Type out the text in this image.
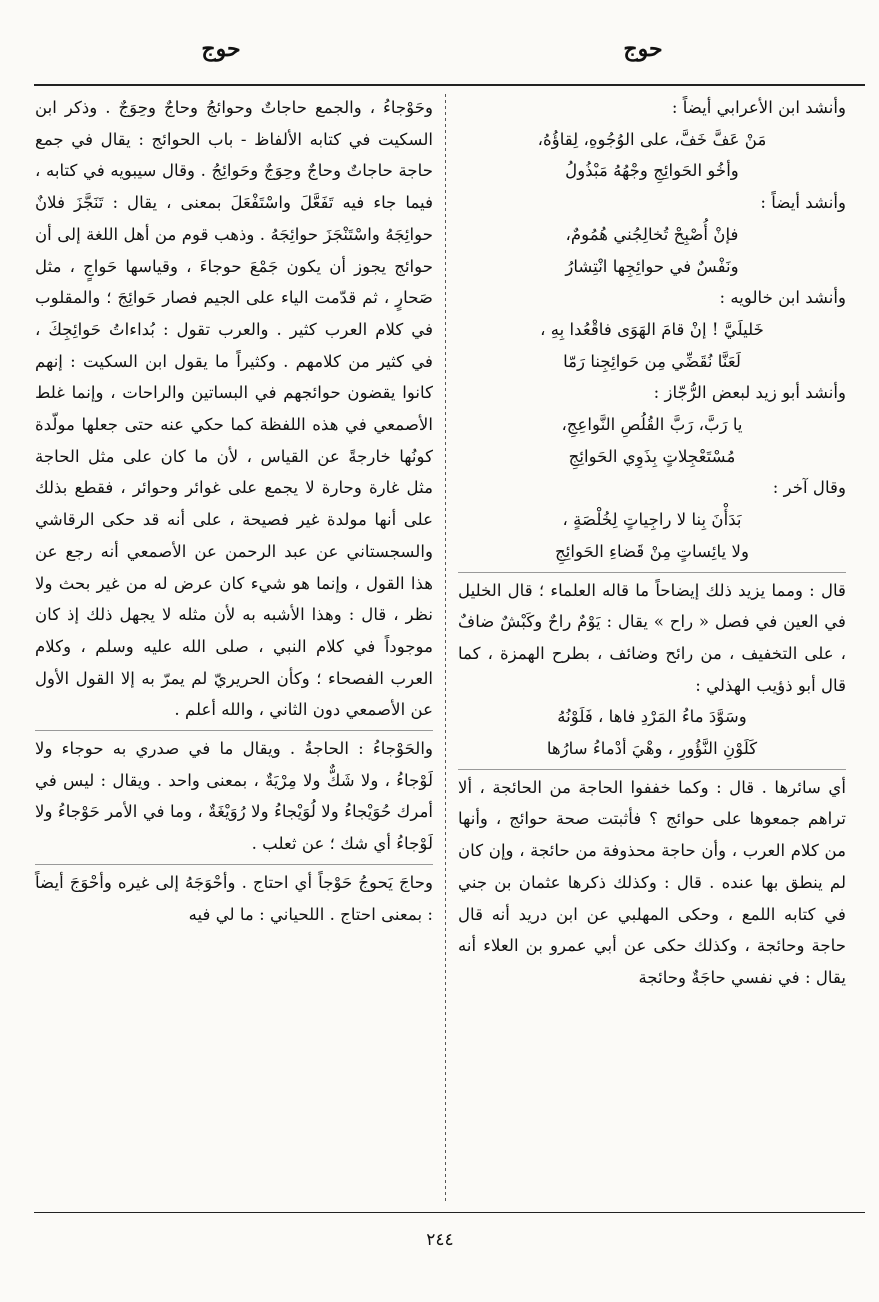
حوج
حوج

وأنشد ابن الأعرابي أيضاً :

مَنْ عَفَّ خَفَّ، على الوُجُوهِ، لِقاؤُهُ،

وأخُو الحَوائِجِ وجْهُهُ مَبْذُولُ

وأنشد أيضاً :

فإنْ أُصْبِحْ تُخالِجُني هُمُومٌ،

ونَفْسٌ في حوائِجِها انْتِشارُ

وأنشد ابن خالويه :

خَليلَيَّ ! إنْ قامَ الهَوَى فاقْعُدا بِهِ ،

لَعَنَّا نُقَضِّي مِن حَوائِجِنا رَمّا

وأنشد أبو زيد لبعض الرُّجّاز :

يا رَبَّ، رَبَّ القُلُصِ النَّواعِجِ،

مُسْتَعْجِلاتٍ بِذَوِي الحَوائِجِ

وقال آخر :

بَدَأْنَ بِنا لا راجِياتٍ لِخُلْصَةٍ ،

ولا يائِساتٍ مِنْ قَضاءِ الحَوائِجِ

قال : ومما يزيد ذلك إيضاحاً ما قاله العلماء ؛ قال الخليل في العين في فصل « راح » يقال : يَوْمٌ راحٌ وكَبْشٌ ضافٌ ، على التخفيف ، من رائح وضائف ، بطرح الهمزة ، كما قال أبو ذؤيب الهذلي :

وسَوَّدَ ماءُ المَرْدِ فاها ، فَلَوْنُهُ

كَلَوْنِ النَّؤُورِ ، وهْيَ أدْماءُ سارُها

أي سائرها . قال : وكما خففوا الحاجة من الحائجة ، ألا تراهم جمعوها على حوائج ؟ فأثبتت صحة حوائج ، وأنها من كلام العرب ، وأن حاجة محذوفة من حائجة ، وإن كان لم ينطق بها عنده . قال : وكذلك ذكرها عثمان بن جني في كتابه اللمع ، وحكى المهلبي عن ابن دريد أنه قال حاجة وحائجة ، وكذلك حكى عن أبي عمرو بن العلاء أنه يقال : في نفسي حاجَةٌ وحائجة

وحَوْجاءُ ، والجمع حاجاتٌ وحوائجُ وحاجٌ وحِوَجٌ . وذكر ابن السكيت في كتابه الألفاظ - باب الحوائج : يقال في جمع حاجة حاجاتٌ وحاجٌ وحِوَجٌ وحَوائِجُ . وقال سيبويه في كتابه ، فيما جاء فيه تَفَعَّلَ واسْتَفْعَلَ بمعنى ، يقال : تَنَجَّزَ فلانٌ حوائِجَهُ واسْتَنْجَزَ حوائِجَهُ . وذهب قوم من أهل اللغة إلى أن حوائج يجوز أن يكون جَمْعَ حوجاءَ ، وقياسها حَواجٍ ، مثل صَحارٍ ، ثم قدّمت الياء على الجيم فصار حَوائِجَ ؛ والمقلوب في كلام العرب كثير . والعرب تقول : بُداءاتُ حَوائِجِكَ ، في كثير من كلامهم . وكثيراً ما يقول ابن السكيت : إنهم كانوا يقضون حوائجهم في البساتين والراحات ، وإنما غلط الأصمعي في هذه اللفظة كما حكي عنه حتى جعلها مولّدة كونُها خارجةً عن القياس ، لأن ما كان على مثل الحاجة مثل غارة وحارة لا يجمع على غوائر وحوائر ، فقطع بذلك على أنها مولدة غير فصيحة ، على أنه قد حكى الرقاشي والسجستاني عن عبد الرحمن عن الأصمعي أنه رجع عن هذا القول ، وإنما هو شيء كان عرض له من غير بحث ولا نظر ، قال : وهذا الأشبه به لأن مثله لا يجهل ذلك إذ كان موجوداً في كلام النبي ، صلى الله عليه وسلم ، وكلام العرب الفصحاء ؛ وكأن الحريريّ لم يمرّ به إلا القول الأول عن الأصمعي دون الثاني ، والله أعلم .

والحَوْجاءُ : الحاجةُ . ويقال ما في صدري به حوجاء ولا لَوْجاءُ ، ولا شَكٌّ ولا مِرْيَةٌ ، بمعنى واحد . ويقال : ليس في أمرك حُوَيْجاءُ ولا لُوَيْجاءُ ولا رُوَيْغَةٌ ، وما في الأمر حَوْجاءُ ولا لَوْجاءُ أي شك ؛ عن ثعلب .

وحاجَ يَحوجُ حَوْجاً أي احتاج . وأحْوَجَهُ إلى غيره وأحْوَجَ أيضاً : بمعنى احتاج . اللحياني : ما لي فيه

٢٤٤
